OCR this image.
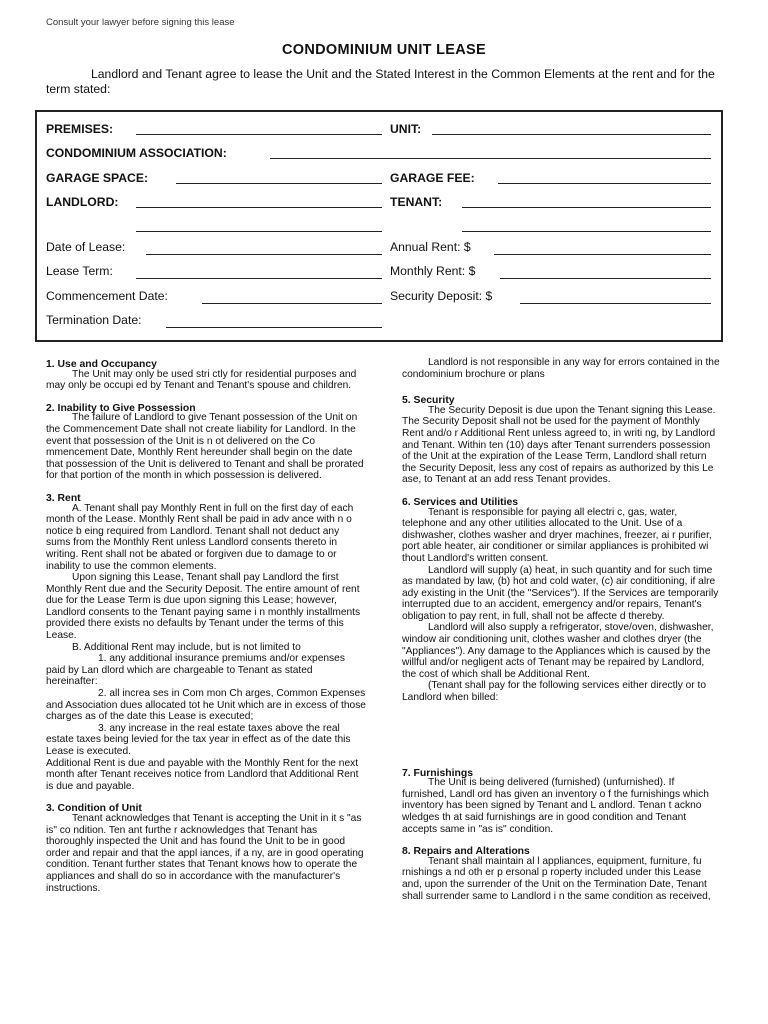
Consult your lawyer before signing this lease
CONDOMINIUM UNIT LEASE
Landlord and Tenant agree to lease the Unit and the Stated Interest in the Common Elements at the rent and for the term stated:
PREMISES:	UNIT:
CONDOMINIUM ASSOCIATION:
GARAGE SPACE:	GARAGE FEE:
LANDLORD:	TENANT:
Date of Lease:	Annual Rent: $
Lease Term:	Monthly Rent: $
Commencement Date:	Security Deposit: $
Termination Date:

1. Use and Occupancy

The Unit may only be used stri ctly for residential purposes and may only be occupi ed by Tenant and Tenant's spouse and children.

2. Inability to Give Possession

The failure of Landlord to give Tenant possession of the Unit on the Commencement Date shall not create liability for Landlord. In the event that possession of the Unit is n ot delivered on the Co mmencement Date, Monthly Rent hereunder shall begin on the date that possession of the Unit is delivered to Tenant and shall be prorated for that portion of the month in which possession is delivered.

3. Rent

A. Tenant shall pay Monthly Rent in full on the first day of each month of the Lease. Monthly Rent shall be paid in adv ance with n o notice b eing required from Landlord. Tenant shall not deduct any sums from the Monthly Rent unless Landlord consents thereto in writing. Rent shall not be abated or forgiven due to damage to or inability to use the common elements.

Upon signing this Lease, Tenant shall pay Landlord the first Monthly Rent due and the Security Deposit. The entire amount of rent due for the Lease Term is due upon signing this Lease; however, Landlord consents to the Tenant paying same i n monthly installments provided there exists no defaults by Tenant under the terms of this Lease.

B. Additional Rent may include, but is not limited to

1. any additional insurance premiums and/or expenses paid by Lan dlord which are chargeable to Tenant as stated hereinafter:

2. all increa ses in Com mon Ch arges, Common Expenses and Association dues allocated tot he Unit which are in excess of those charges as of the date this Lease is executed;

3. any increase in the real estate taxes above the real estate taxes being levied for the tax year in effect as of the date this Lease is executed.

Additional Rent is due and payable with the Monthly Rent for the next month after Tenant receives notice from Landlord that Additional Rent is due and payable.

3. Condition of Unit

Tenant acknowledges that Tenant is accepting the Unit in it s "as is" co ndition. Ten ant furthe r acknowledges that Tenant has thoroughly inspected the Unit and has found the Unit to be in good order and repair and that the appl iances, if a ny, are in good operating condition. Tenant further states that Tenant knows how to operate the appliances and shall do so in accordance with the manufacturer's instructions.

Landlord is not responsible in any way for errors contained in the condominium brochure or plans

5. Security

The Security Deposit is due upon the Tenant signing this Lease. The Security Deposit shall not be used for the payment of Monthly Rent and/o r Additional Rent unless agreed to, in writi ng, by Landlord and Tenant. Within ten (10) days after Tenant surrenders possession of the Unit at the expiration of the Lease Term, Landlord shall return the Security Deposit, less any cost of repairs as authorized by this Le ase, to Tenant at an add ress Tenant provides.

6. Services and Utilities

Tenant is responsible for paying all electri c, gas, water, telephone and any other utilities allocated to the Unit. Use of a dishwasher, clothes washer and dryer machines, freezer, ai r purifier, port able heater, air conditioner or similar appliances is prohibited wi thout Landlord's written consent.

Landlord will supply (a) heat, in such quantity and for such time as mandated by law, (b) hot and cold water, (c) air conditioning, if alre ady existing in the Unit (the "Services"). If the Services are temporarily interrupted due to an accident, emergency and/or repairs, Tenant's obligation to pay rent, in full, shall not be affecte d thereby.

Landlord will also supply a refrigerator, stove/oven, dishwasher, window air conditioning unit, clothes washer and clothes dryer (the "Appliances"). Any damage to the Appliances which is caused by the willful and/or negligent acts of Tenant may be repaired by Landlord, the cost of which shall be Additional Rent.

(Tenant shall pay for the following services either directly or to Landlord when billed:

7. Furnishings

The Unit is being delivered (furnished) (unfurnished). If furnished, Landl ord has given an inventory o f the furnishings which inventory has been signed by Tenant and L andlord. Tenan t ackno wledges th at said furnishings are in good condition and Tenant accepts same in "as is" condition.

8. Repairs and Alterations

Tenant shall maintain al l appliances, equipment, furniture, fu rnishings a nd oth er p ersonal p roperty included under this Lease and, upon the surrender of the Unit on the Termination Date, Tenant shall surrender same to Landlord i n the same condition as received,
